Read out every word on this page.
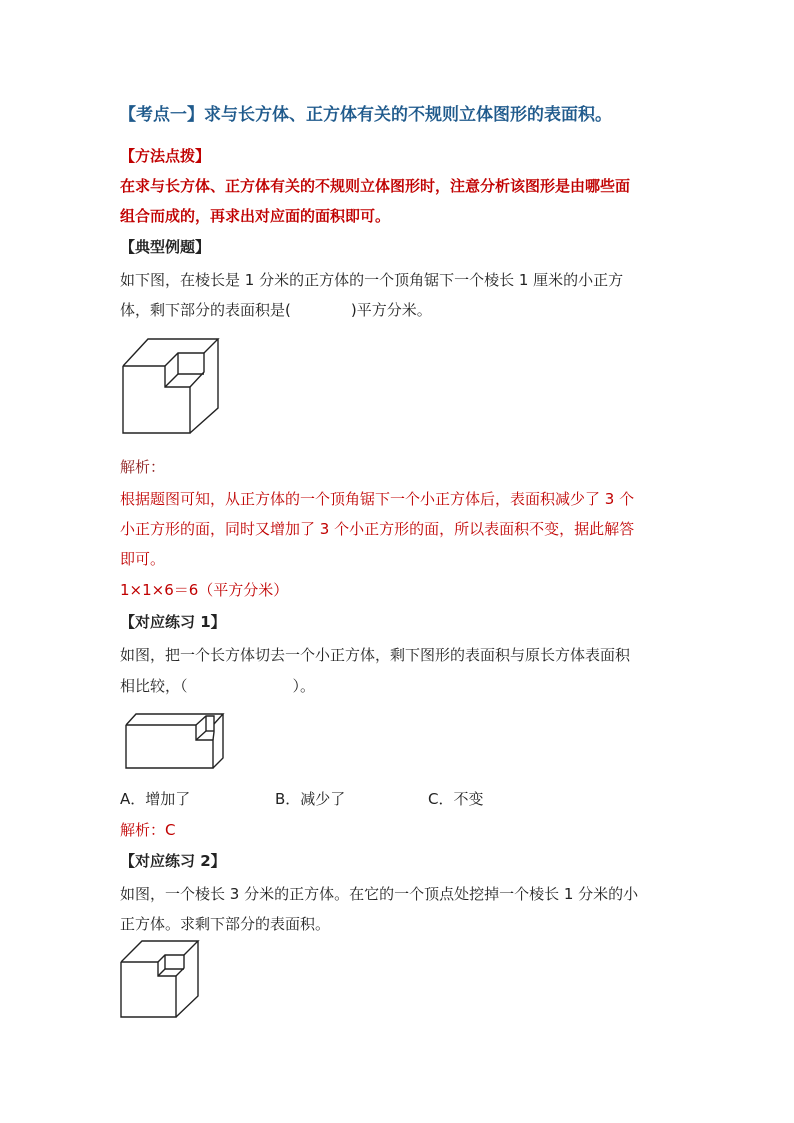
【考点一】求与长方体、正方体有关的不规则立体图形的表面积。
【方法点拨】
在求与长方体、正方体有关的不规则立体图形时，注意分析该图形是由哪些面
组合而成的，再求出对应面的面积即可。
【典型例题】
如下图，在棱长是 1 分米的正方体的一个顶角锯下一个棱长 1 厘米的小正方
体，剩下部分的表面积是(　　　　)平方分米。
解析：
根据题图可知，从正方体的一个顶角锯下一个小正方体后，表面积减少了 3 个
小正方形的面，同时又增加了 3 个小正方形的面，所以表面积不变，据此解答
即可。
1×1×6＝6（平方分米）
【对应练习 1】
如图，把一个长方体切去一个小正方体，剩下图形的表面积与原长方体表面积
相比较，（　　　　　　　）。
A．增加了	B．减少了	C．不变
解析：C
【对应练习 2】
如图，一个棱长 3 分米的正方体。在它的一个顶点处挖掉一个棱长 1 分米的小
正方体。求剩下部分的表面积。
